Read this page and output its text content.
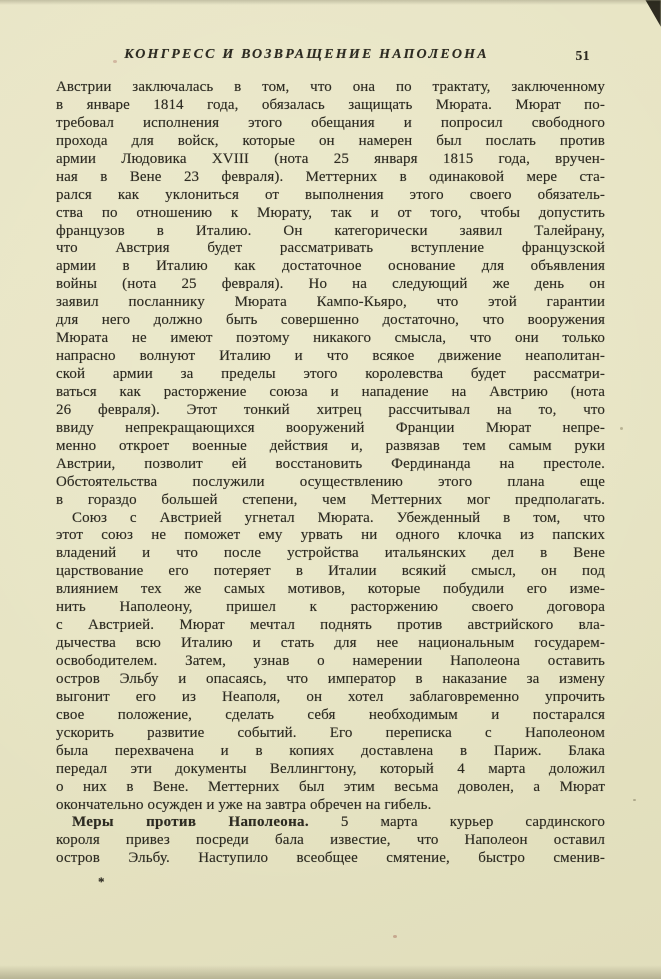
КОНГРЕСС И ВОЗВРАЩЕНИЕ НАПОЛЕОНА	51
Австрии заключалась в том, что она по трактату, заключенному
в январе 1814 года, обязалась защищать Мюрата. Мюрат по-
требовал исполнения этого обещания и попросил свободного
прохода для войск, которые он намерен был послать против
армии Людовика XVIII (нота 25 января 1815 года, вручен-
ная в Вене 23 февраля). Меттерних в одинаковой мере ста-
рался как уклониться от выполнения этого своего обязатель-
ства по отношению к Мюрату, так и от того, чтобы допустить
французов в Италию. Он категорически заявил Талейрану,
что Австрия будет рассматривать вступление французской
армии в Италию как достаточное основание для объявления
войны (нота 25 февраля). Но на следующий же день он
заявил посланнику Мюрата Кампо-Кьяро, что этой гарантии
для него должно быть совершенно достаточно, что вооружения
Мюрата не имеют поэтому никакого смысла, что они только
напрасно волнуют Италию и что всякое движение неаполитан-
ской армии за пределы этого королевства будет рассматри-
ваться как расторжение союза и нападение на Австрию (нота
26 февраля). Этот тонкий хитрец рассчитывал на то, что
ввиду непрекращающихся вооружений Франции Мюрат непре-
менно откроет военные действия и, развязав тем самым руки
Австрии, позволит ей восстановить Фердинанда на престоле.
Обстоятельства послужили осуществлению этого плана еще
в гораздо большей степени, чем Меттерних мог предполагать.
Союз с Австрией угнетал Мюрата. Убежденный в том, что
этот союз не поможет ему урвать ни одного клочка из папских
владений и что после устройства итальянских дел в Вене
царствование его потеряет в Италии всякий смысл, он под
влиянием тех же самых мотивов, которые побудили его изме-
нить Наполеону, пришел к расторжению своего договора
с Австрией. Мюрат мечтал поднять против австрийского вла-
дычества всю Италию и стать для нее национальным государем-
освободителем. Затем, узнав о намерении Наполеона оставить
остров Эльбу и опасаясь, что император в наказание за измену
выгонит его из Неаполя, он хотел заблаговременно упрочить
свое положение, сделать себя необходимым и постарался
ускорить развитие событий. Его переписка с Наполеоном
была перехвачена и в копиях доставлена в Париж. Блака
передал эти документы Веллингтону, который 4 марта доложил
о них в Вене. Меттерних был этим весьма доволен, а Мюрат
окончательно осужден и уже на завтра обречен на гибель.
Меры против Наполеона. 5 марта курьер сардинского
короля привез посреди бала известие, что Наполеон оставил
остров Эльбу. Наступило всеобщее смятение, быстро сменив-
*
